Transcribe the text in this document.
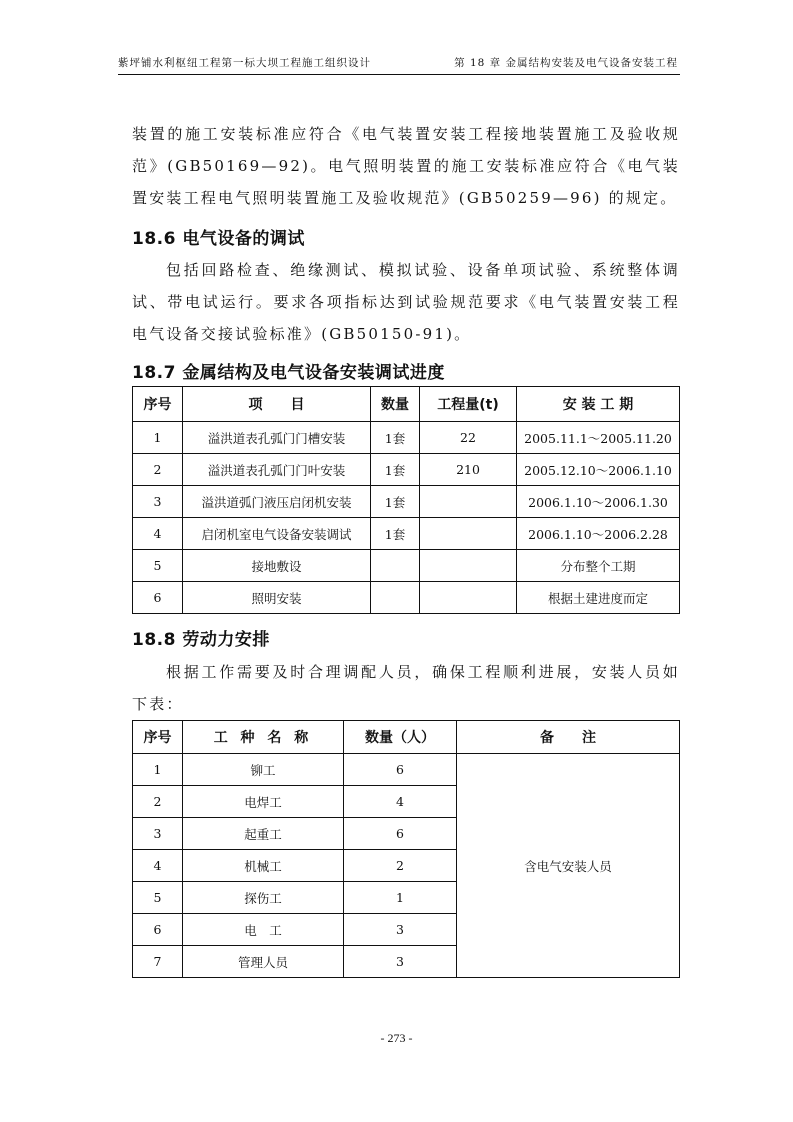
紫坪铺水利枢纽工程第一标大坝工程施工组织设计	第 18 章 金属结构安装及电气设备安装工程

装置的施工安装标准应符合《电气装置安装工程接地装置施工及验收规范》(GB50169—92)。电气照明装置的施工安装标准应符合《电气装置安装工程电气照明装置施工及验收规范》(GB50259—96) 的规定。

18.6 电气设备的调试

包括回路检查、绝缘测试、模拟试验、设备单项试验、系统整体调试、带电试运行。要求各项指标达到试验规范要求《电气装置安装工程电气设备交接试验标准》(GB50150-91)。

18.7 金属结构及电气设备安装调试进度
序号	项　　目	数量	工程量(t)	安 装 工 期
1	溢洪道表孔弧门门槽安装	1套	22	2005.11.1～2005.11.20
2	溢洪道表孔弧门门叶安装	1套	210	2005.12.10～2006.1.10
3	溢洪道弧门液压启闭机安装	1套		2006.1.10～2006.1.30
4	启闭机室电气设备安装调试	1套		2006.1.10～2006.2.28
5	接地敷设			分布整个工期
6	照明安装			根据土建进度而定
18.8 劳动力安排

根据工作需要及时合理调配人员，确保工程顺利进展，安装人员如下表：

序号	工 种 名 称	数量（人）	备　　注
1	铆工	6	含电气安装人员
2	电焊工	4	
3	起重工	6	
4	机械工	2	
5	探伤工	1	
6	电　工	3	
7	管理人员	3	
- 273 -
